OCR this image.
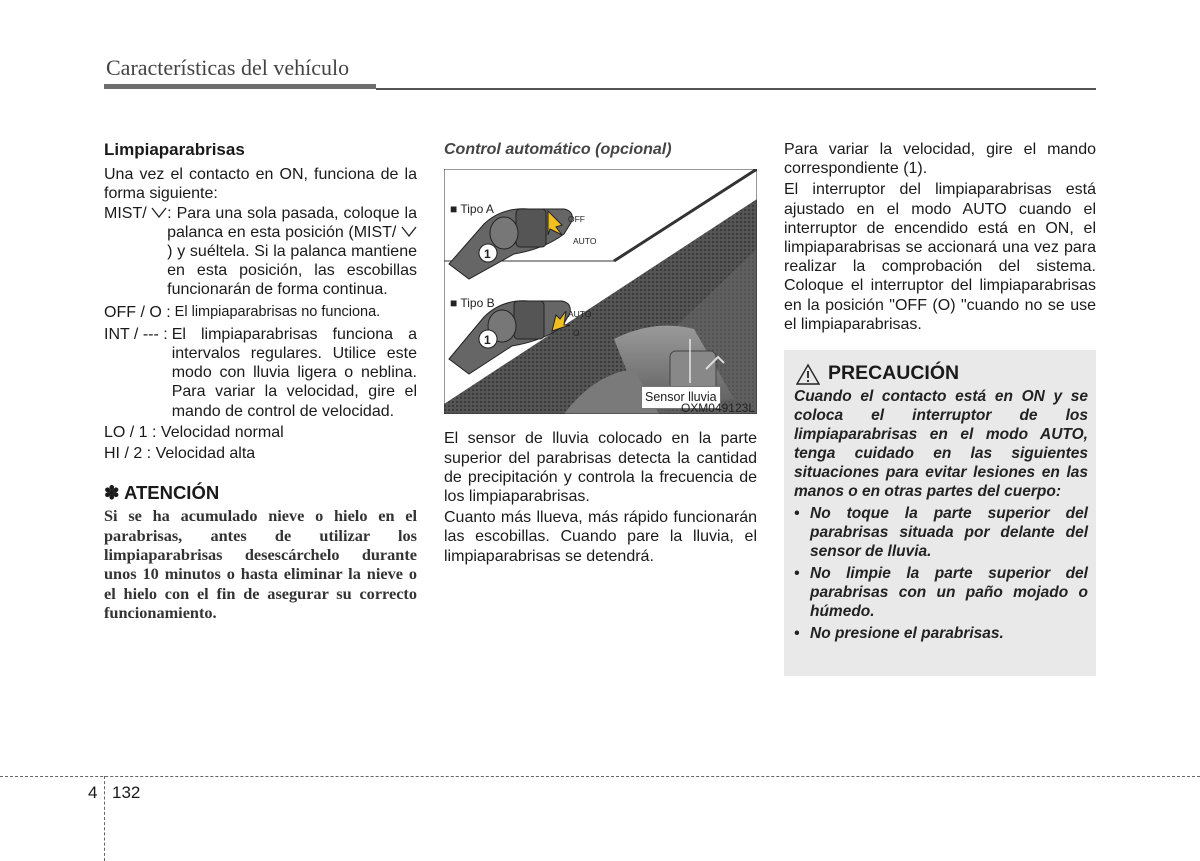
Características del vehículo
Limpiaparabrisas

Una vez el contacto en ON, funciona de la forma siguiente:

MIST/	: Para una sola pasada, coloque la palanca en esta posición (MIST/ ) y suéltela. Si la palanca mantiene en esta posición, las escobillas funcionarán de forma continua.
OFF / O : El limpiaparabrisas no funciona.
INT / --- : El limpiaparabrisas funciona a intervalos regulares. Utilice este modo con lluvia ligera o neblina. Para variar la velocidad, gire el mando de control de velocidad.

LO / 1 : Velocidad normal

HI / 2 : Velocidad alta

✽ ATENCIÓN

Si se ha acumulado nieve o hielo en el parabrisas, antes de utilizar los limpiaparabrisas desescárchelo durante unos 10 minutos o hasta eliminar la nieve o el hielo con el fin de asegurar su correcto funcionamiento.

Control automático (opcional)
■ Tipo A
■ Tipo B
OFF
AUTO
AUTO
O
1
1
Sensor lluvia
OXM049123L

El sensor de lluvia colocado en la parte superior del parabrisas detecta la cantidad de precipitación y controla la frecuencia de los limpiaparabrisas.

Cuanto más llueva, más rápido funcionarán las escobillas. Cuando pare la lluvia, el limpiaparabrisas se detendrá.

Para variar la velocidad, gire el mando correspondiente (1).

El interruptor del limpiaparabrisas está ajustado en el modo AUTO cuando el interruptor de encendido está en ON, el limpiaparabrisas se accionará una vez para realizar la comprobación del sistema. Coloque el interruptor del limpiaparabrisas en la posición "OFF (O) "cuando no se use el limpiaparabrisas.

PRECAUCIÓN

Cuando el contacto está en ON y se coloca el interruptor de los limpiaparabrisas en el modo AUTO, tenga cuidado en las siguientes situaciones para evitar lesiones en las manos o en otras partes del cuerpo:

• No toque la parte superior del parabrisas situada por delante del sensor de lluvia.

• No limpie la parte superior del parabrisas con un paño mojado o húmedo.

• No presione el parabrisas.

4 132
